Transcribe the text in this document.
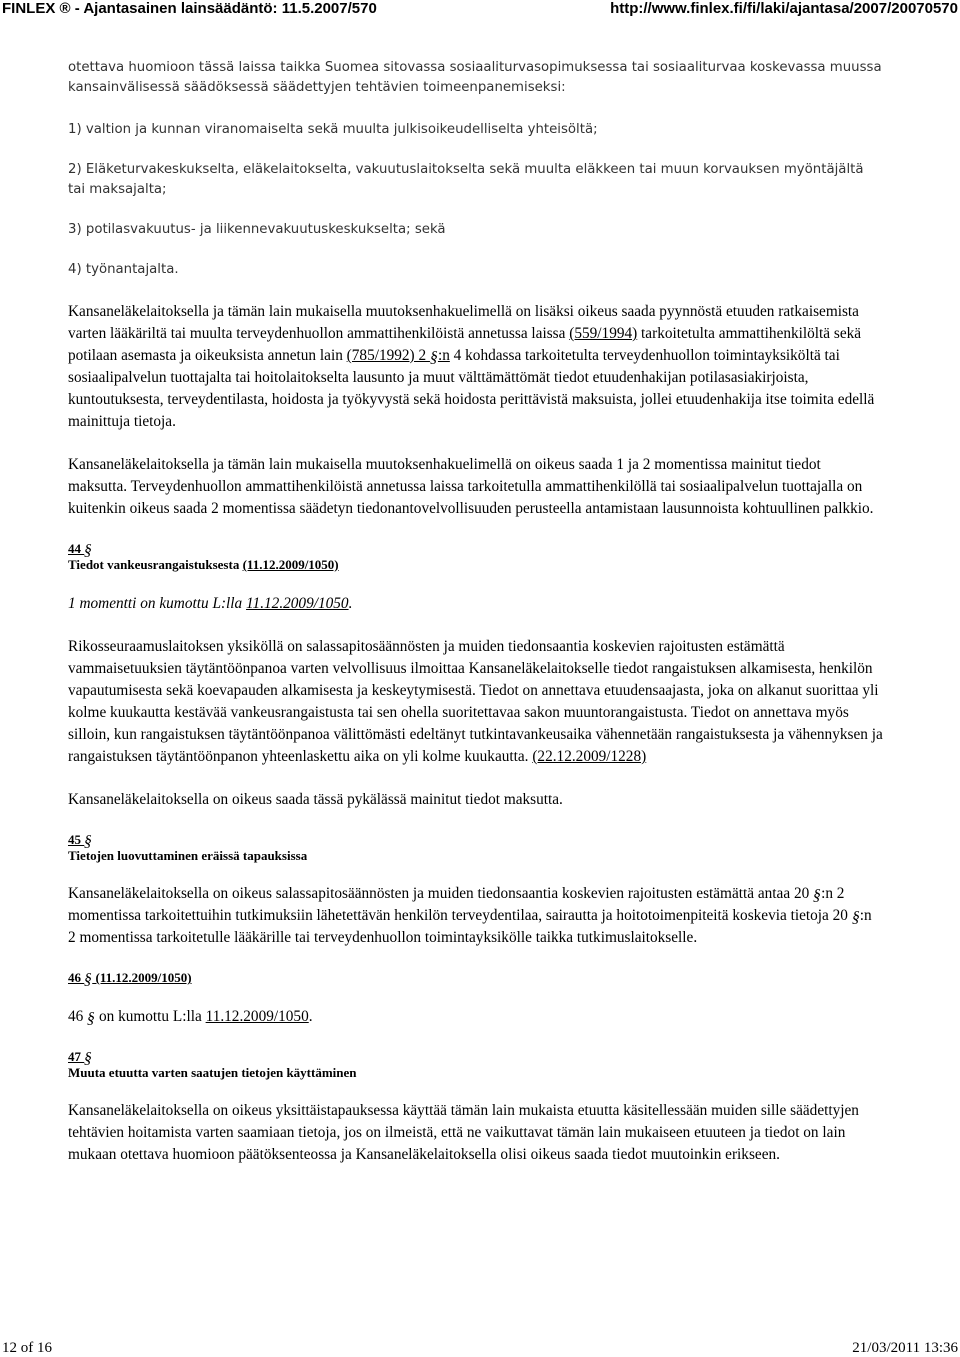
FINLEX ® - Ajantasainen lainsäädäntö: 11.5.2007/570	http://www.finlex.fi/fi/laki/ajantasa/2007/20070570

otettava huomioon tässä laissa taikka Suomea sitovassa sosiaaliturvasopimuksessa tai sosiaaliturvaa koskevassa muussa kansainvälisessä säädöksessä säädettyjen tehtävien toimeenpanemiseksi:

1) valtion ja kunnan viranomaiselta sekä muulta julkisoikeudelliselta yhteisöltä;

2) Eläketurvakeskukselta, eläkelaitokselta, vakuutuslaitokselta sekä muulta eläkkeen tai muun korvauksen myöntäjältä tai maksajalta;

3) potilasvakuutus- ja liikennevakuutuskeskukselta; sekä

4) työnantajalta.

Kansaneläkelaitoksella ja tämän lain mukaisella muutoksenhakuelimellä on lisäksi oikeus saada pyynnöstä etuuden ratkaisemista varten lääkäriltä tai muulta terveydenhuollon ammattihenkilöistä annetussa laissa (559/1994) tarkoitetulta ammattihenkilöltä sekä potilaan asemasta ja oikeuksista annetun lain (785/1992) 2 §:n 4 kohdassa tarkoitetulta terveydenhuollon toimintayksiköltä tai sosiaalipalvelun tuottajalta tai hoitolaitokselta lausunto ja muut välttämättömät tiedot etuudenhakijan potilasasiakirjoista, kuntoutuksesta, terveydentilasta, hoidosta ja työkyvystä sekä hoidosta perittävistä maksuista, jollei etuudenhakija itse toimita edellä mainittuja tietoja.

Kansaneläkelaitoksella ja tämän lain mukaisella muutoksenhakuelimellä on oikeus saada 1 ja 2 momentissa mainitut tiedot maksutta. Terveydenhuollon ammattihenkilöistä annetussa laissa tarkoitetulla ammattihenkilöllä tai sosiaalipalvelun tuottajalla on kuitenkin oikeus saada 2 momentissa säädetyn tiedonantovelvollisuuden perusteella antamistaan lausunnoista kohtuullinen palkkio.

44 §

Tiedot vankeusrangaistuksesta (11.12.2009/1050)

1 momentti on kumottu L:lla 11.12.2009/1050.

Rikosseuraamuslaitoksen yksiköllä on salassapitosäännösten ja muiden tiedonsaantia koskevien rajoitusten estämättä vammaisetuuksien täytäntöönpanoa varten velvollisuus ilmoittaa Kansaneläkelaitokselle tiedot rangaistuksen alkamisesta, henkilön vapautumisesta sekä koevapauden alkamisesta ja keskeytymisestä. Tiedot on annettava etuudensaajasta, joka on alkanut suorittaa yli kolme kuukautta kestävää vankeusrangaistusta tai sen ohella suoritettavaa sakon muuntorangaistusta. Tiedot on annettava myös silloin, kun rangaistuksen täytäntöönpanoa välittömästi edeltänyt tutkintavankeusaika vähennetään rangaistuksesta ja vähennyksen ja rangaistuksen täytäntöönpanon yhteenlaskettu aika on yli kolme kuukautta. (22.12.2009/1228)

Kansaneläkelaitoksella on oikeus saada tässä pykälässä mainitut tiedot maksutta.

45 §

Tietojen luovuttaminen eräissä tapauksissa

Kansaneläkelaitoksella on oikeus salassapitosäännösten ja muiden tiedonsaantia koskevien rajoitusten estämättä antaa 20 §:n 2 momentissa tarkoitettuihin tutkimuksiin lähetettävän henkilön terveydentilaa, sairautta ja hoitotoimenpiteitä koskevia tietoja 20 §:n 2 momentissa tarkoitetulle lääkärille tai terveydenhuollon toimintayksikölle taikka tutkimuslaitokselle.

46 § (11.12.2009/1050)

46 § on kumottu L:lla 11.12.2009/1050.

47 §

Muuta etuutta varten saatujen tietojen käyttäminen

Kansaneläkelaitoksella on oikeus yksittäistapauksessa käyttää tämän lain mukaista etuutta käsitellessään muiden sille säädettyjen tehtävien hoitamista varten saamiaan tietoja, jos on ilmeistä, että ne vaikuttavat tämän lain mukaiseen etuuteen ja tiedot on lain mukaan otettava huomioon päätöksenteossa ja Kansaneläkelaitoksella olisi oikeus saada tiedot muutoinkin erikseen.

12 of 16	21/03/2011 13:36
